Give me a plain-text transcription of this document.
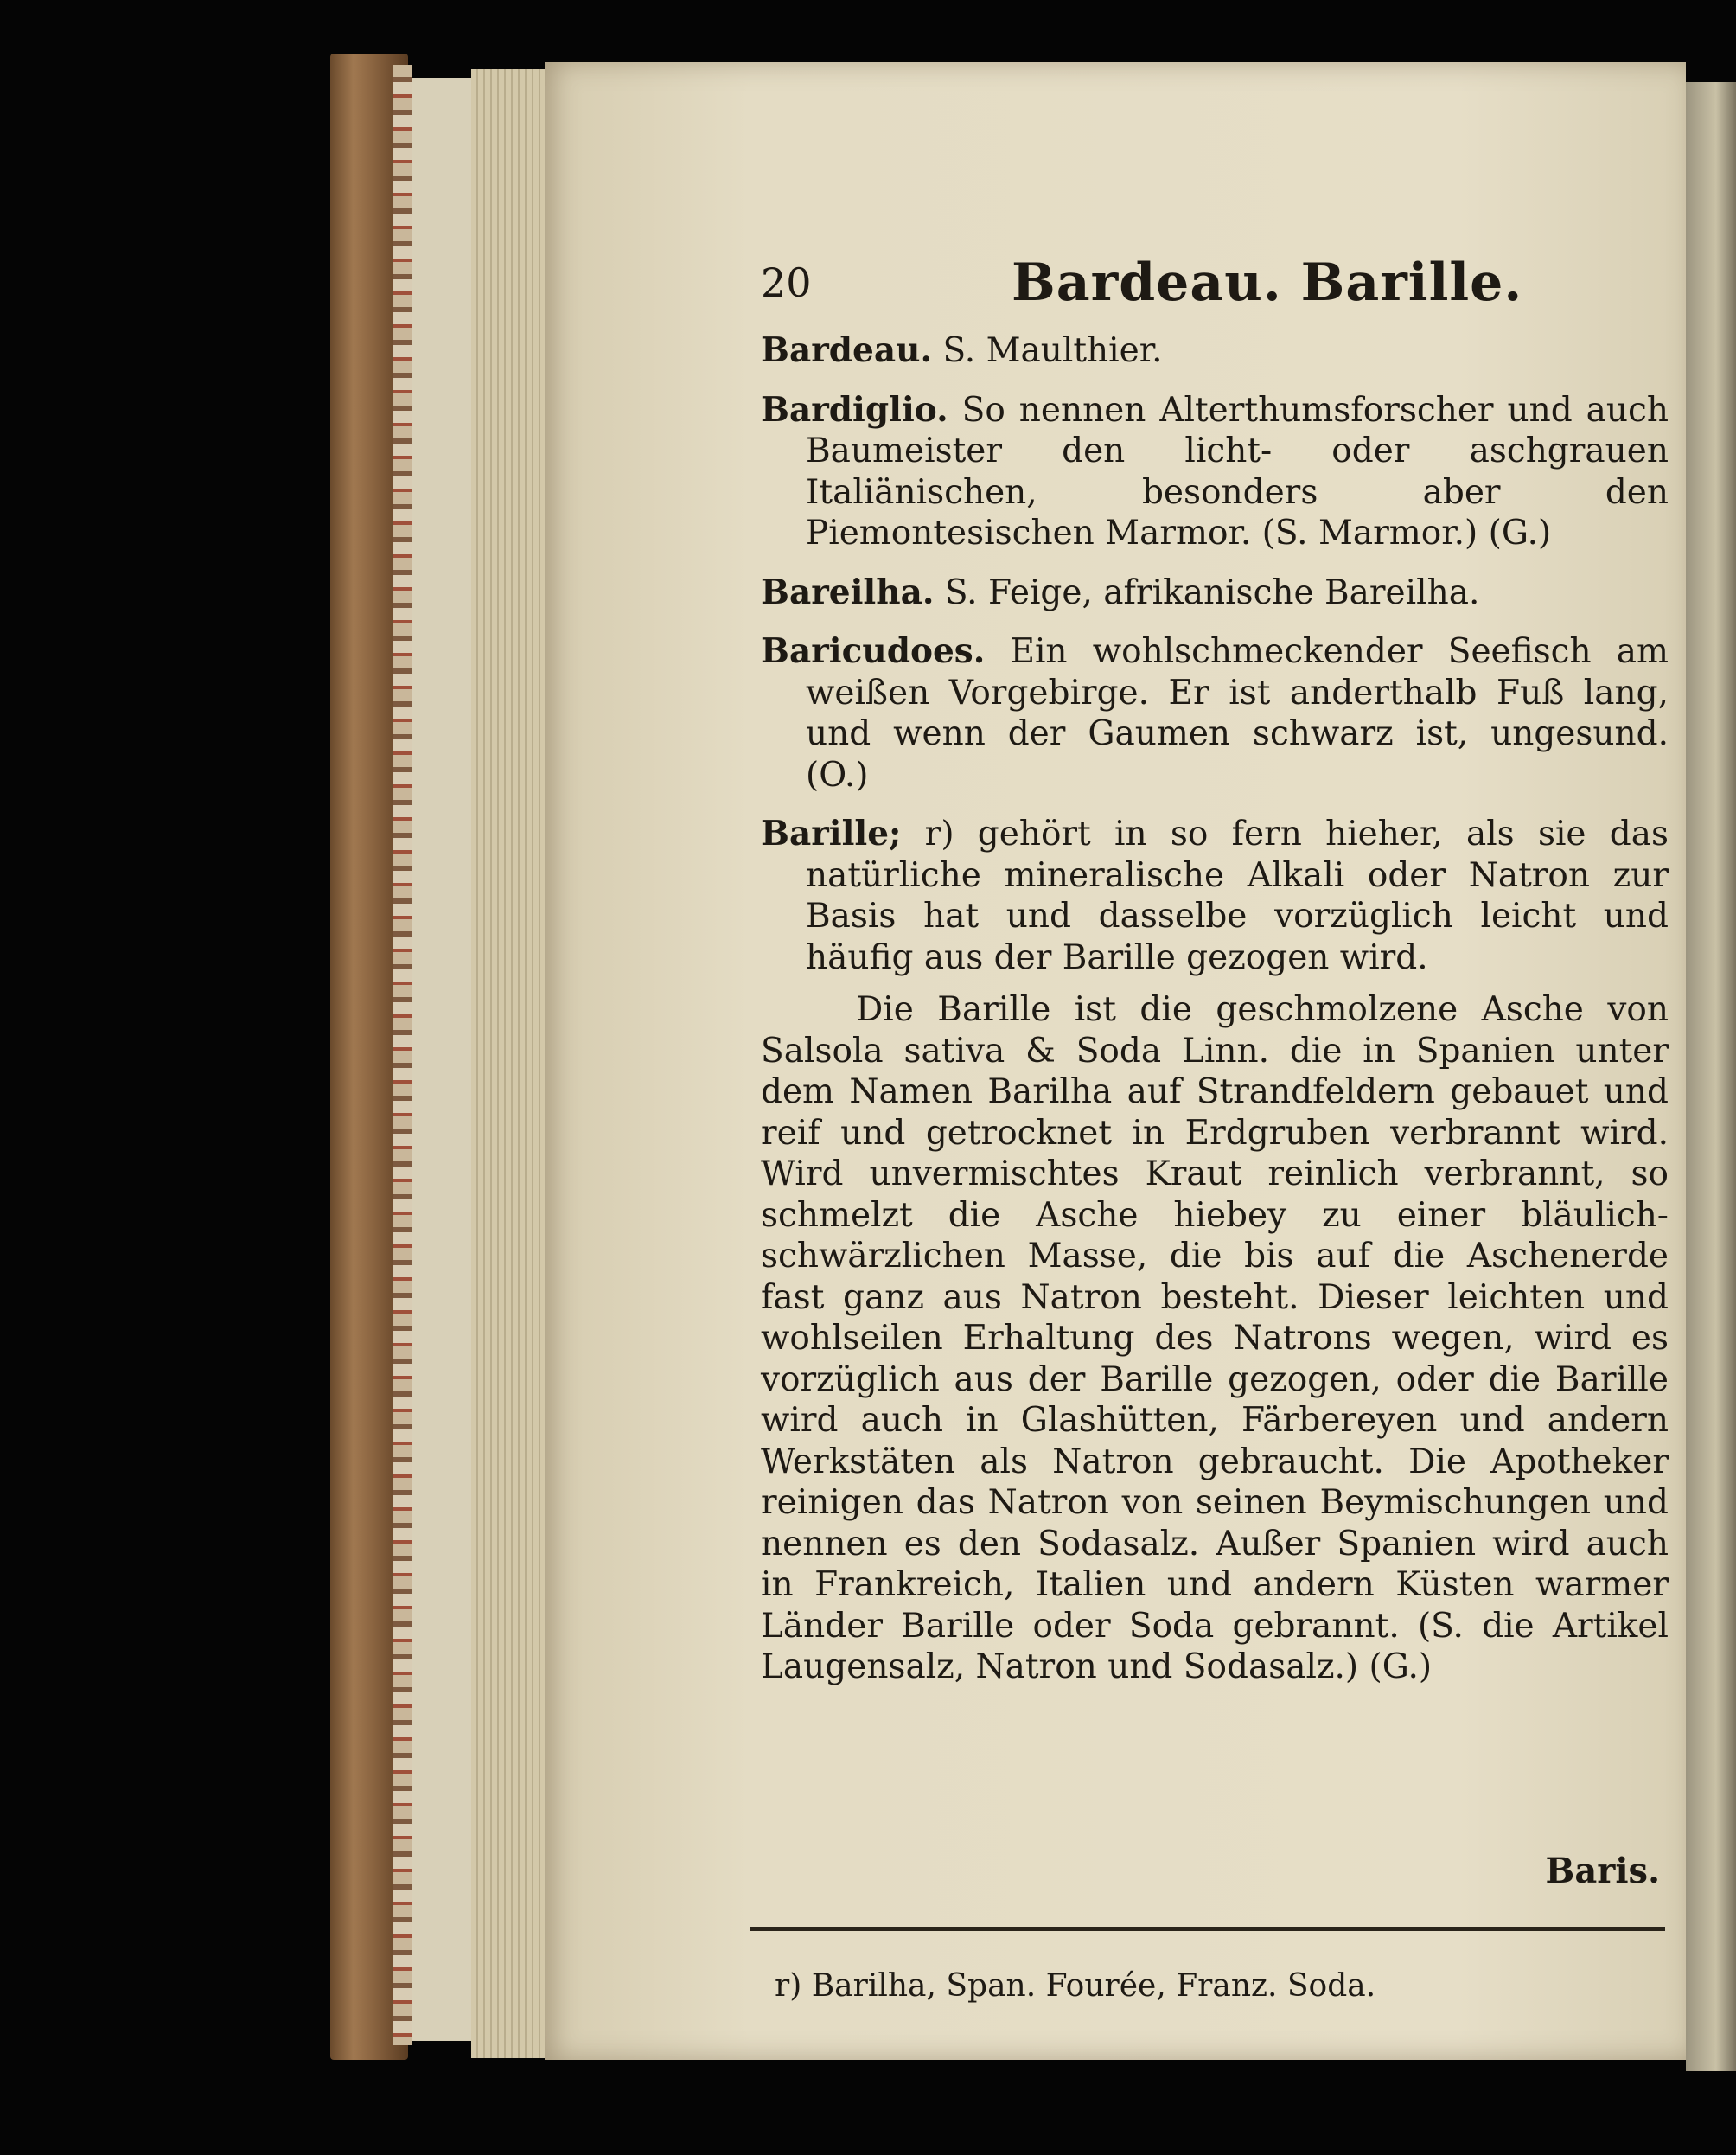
20	Bardeau. Barille.

Bardeau. S. Maulthier.

Bardiglio. So nennen Alterthumsforscher und auch Baumeister den licht- oder aschgrauen Italiänischen, besonders aber den Piemontesischen Marmor. (S. Marmor.) (G.)

Bareilha. S. Feige, afrikanische Bareilha.

Baricudoes. Ein wohlschmeckender Seefisch am weißen Vorgebirge. Er ist anderthalb Fuß lang, und wenn der Gaumen schwarz ist, ungesund. (O.)

Barille; r) gehört in so fern hieher, als sie das natürliche mineralische Alkali oder Natron zur Basis hat und dasselbe vorzüglich leicht und häufig aus der Barille gezogen wird.

Die Barille ist die geschmolzene Asche von Salsola sativa & Soda Linn. die in Spanien unter dem Namen Barilha auf Strandfeldern gebauet und reif und getrocknet in Erdgruben verbrannt wird. Wird unvermischtes Kraut reinlich verbrannt, so schmelzt die Asche hiebey zu einer bläulich-schwärzlichen Masse, die bis auf die Aschenerde fast ganz aus Natron besteht. Dieser leichten und wohlseilen Erhaltung des Natrons wegen, wird es vorzüglich aus der Barille gezogen, oder die Barille wird auch in Glashütten, Färbereyen und andern Werkstäten als Natron gebraucht. Die Apotheker reinigen das Natron von seinen Beymischungen und nennen es den Sodasalz. Außer Spanien wird auch in Frankreich, Italien und andern Küsten warmer Länder Barille oder Soda gebrannt. (S. die Artikel Laugensalz, Natron und Sodasalz.) (G.)

Baris.
r) Barilha, Span. Fourée, Franz. Soda.
